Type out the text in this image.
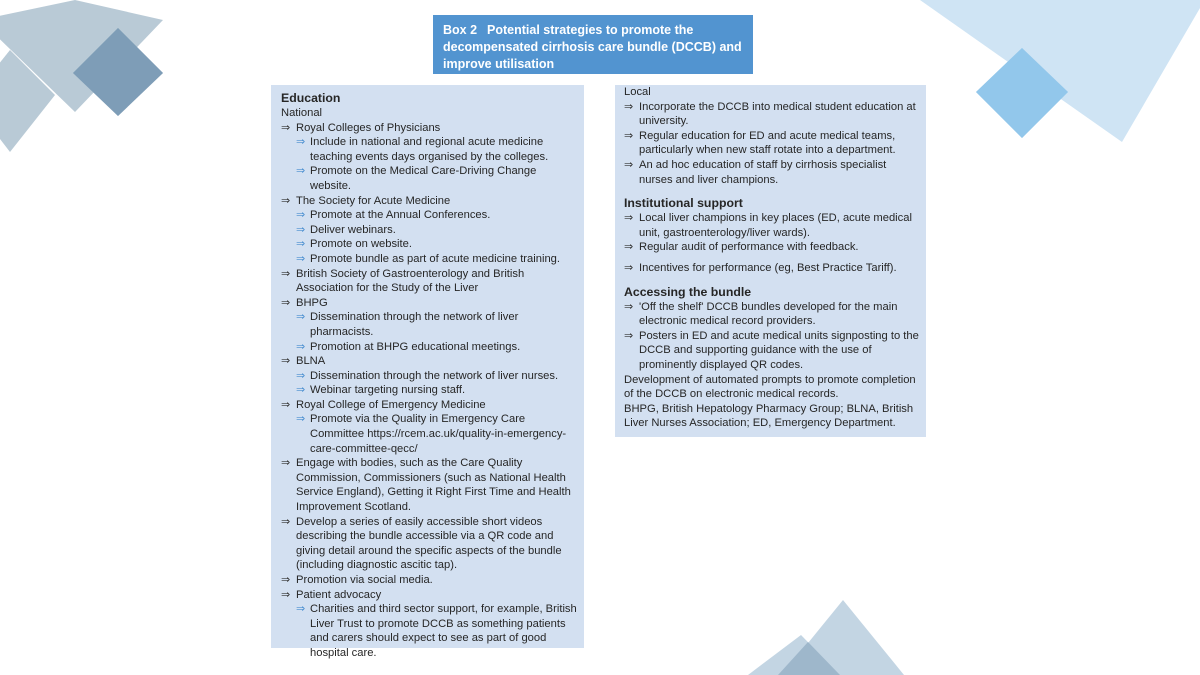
Box 2 Potential strategies to promote the decompensated cirrhosis care bundle (DCCB) and improve utilisation
Education
National
⇒ Royal Colleges of Physicians
⇒ Include in national and regional acute medicine teaching events days organised by the colleges.
⇒ Promote on the Medical Care-Driving Change website.
⇒ The Society for Acute Medicine
⇒ Promote at the Annual Conferences.
⇒ Deliver webinars.
⇒ Promote on website.
⇒ Promote bundle as part of acute medicine training.
⇒ British Society of Gastroenterology and British Association for the Study of the Liver
⇒ BHPG
⇒ Dissemination through the network of liver pharmacists.
⇒ Promotion at BHPG educational meetings.
⇒ BLNA
⇒ Dissemination through the network of liver nurses.
⇒ Webinar targeting nursing staff.
⇒ Royal College of Emergency Medicine
⇒ Promote via the Quality in Emergency Care Committee https://rcem.ac.uk/quality-in-emergency-care-committee-qecc/
⇒ Engage with bodies, such as the Care Quality Commission, Commissioners (such as National Health Service England), Getting it Right First Time and Health Improvement Scotland.
⇒ Develop a series of easily accessible short videos describing the bundle accessible via a QR code and giving detail around the specific aspects of the bundle (including diagnostic ascitic tap).
⇒ Promotion via social media.
⇒ Patient advocacy
⇒ Charities and third sector support, for example, British Liver Trust to promote DCCB as something patients and carers should expect to see as part of good hospital care.
Local
⇒ Incorporate the DCCB into medical student education at university.
⇒ Regular education for ED and acute medical teams, particularly when new staff rotate into a department.
⇒ An ad hoc education of staff by cirrhosis specialist nurses and liver champions.
Institutional support
⇒ Local liver champions in key places (ED, acute medical unit, gastroenterology/liver wards).
⇒ Regular audit of performance with feedback.
⇒ Incentives for performance (eg, Best Practice Tariff).
Accessing the bundle
⇒ 'Off the shelf' DCCB bundles developed for the main electronic medical record providers.
⇒ Posters in ED and acute medical units signposting to the DCCB and supporting guidance with the use of prominently displayed QR codes.
Development of automated prompts to promote completion of the DCCB on electronic medical records.
BHPG, British Hepatology Pharmacy Group; BLNA, British Liver Nurses Association; ED, Emergency Department.
